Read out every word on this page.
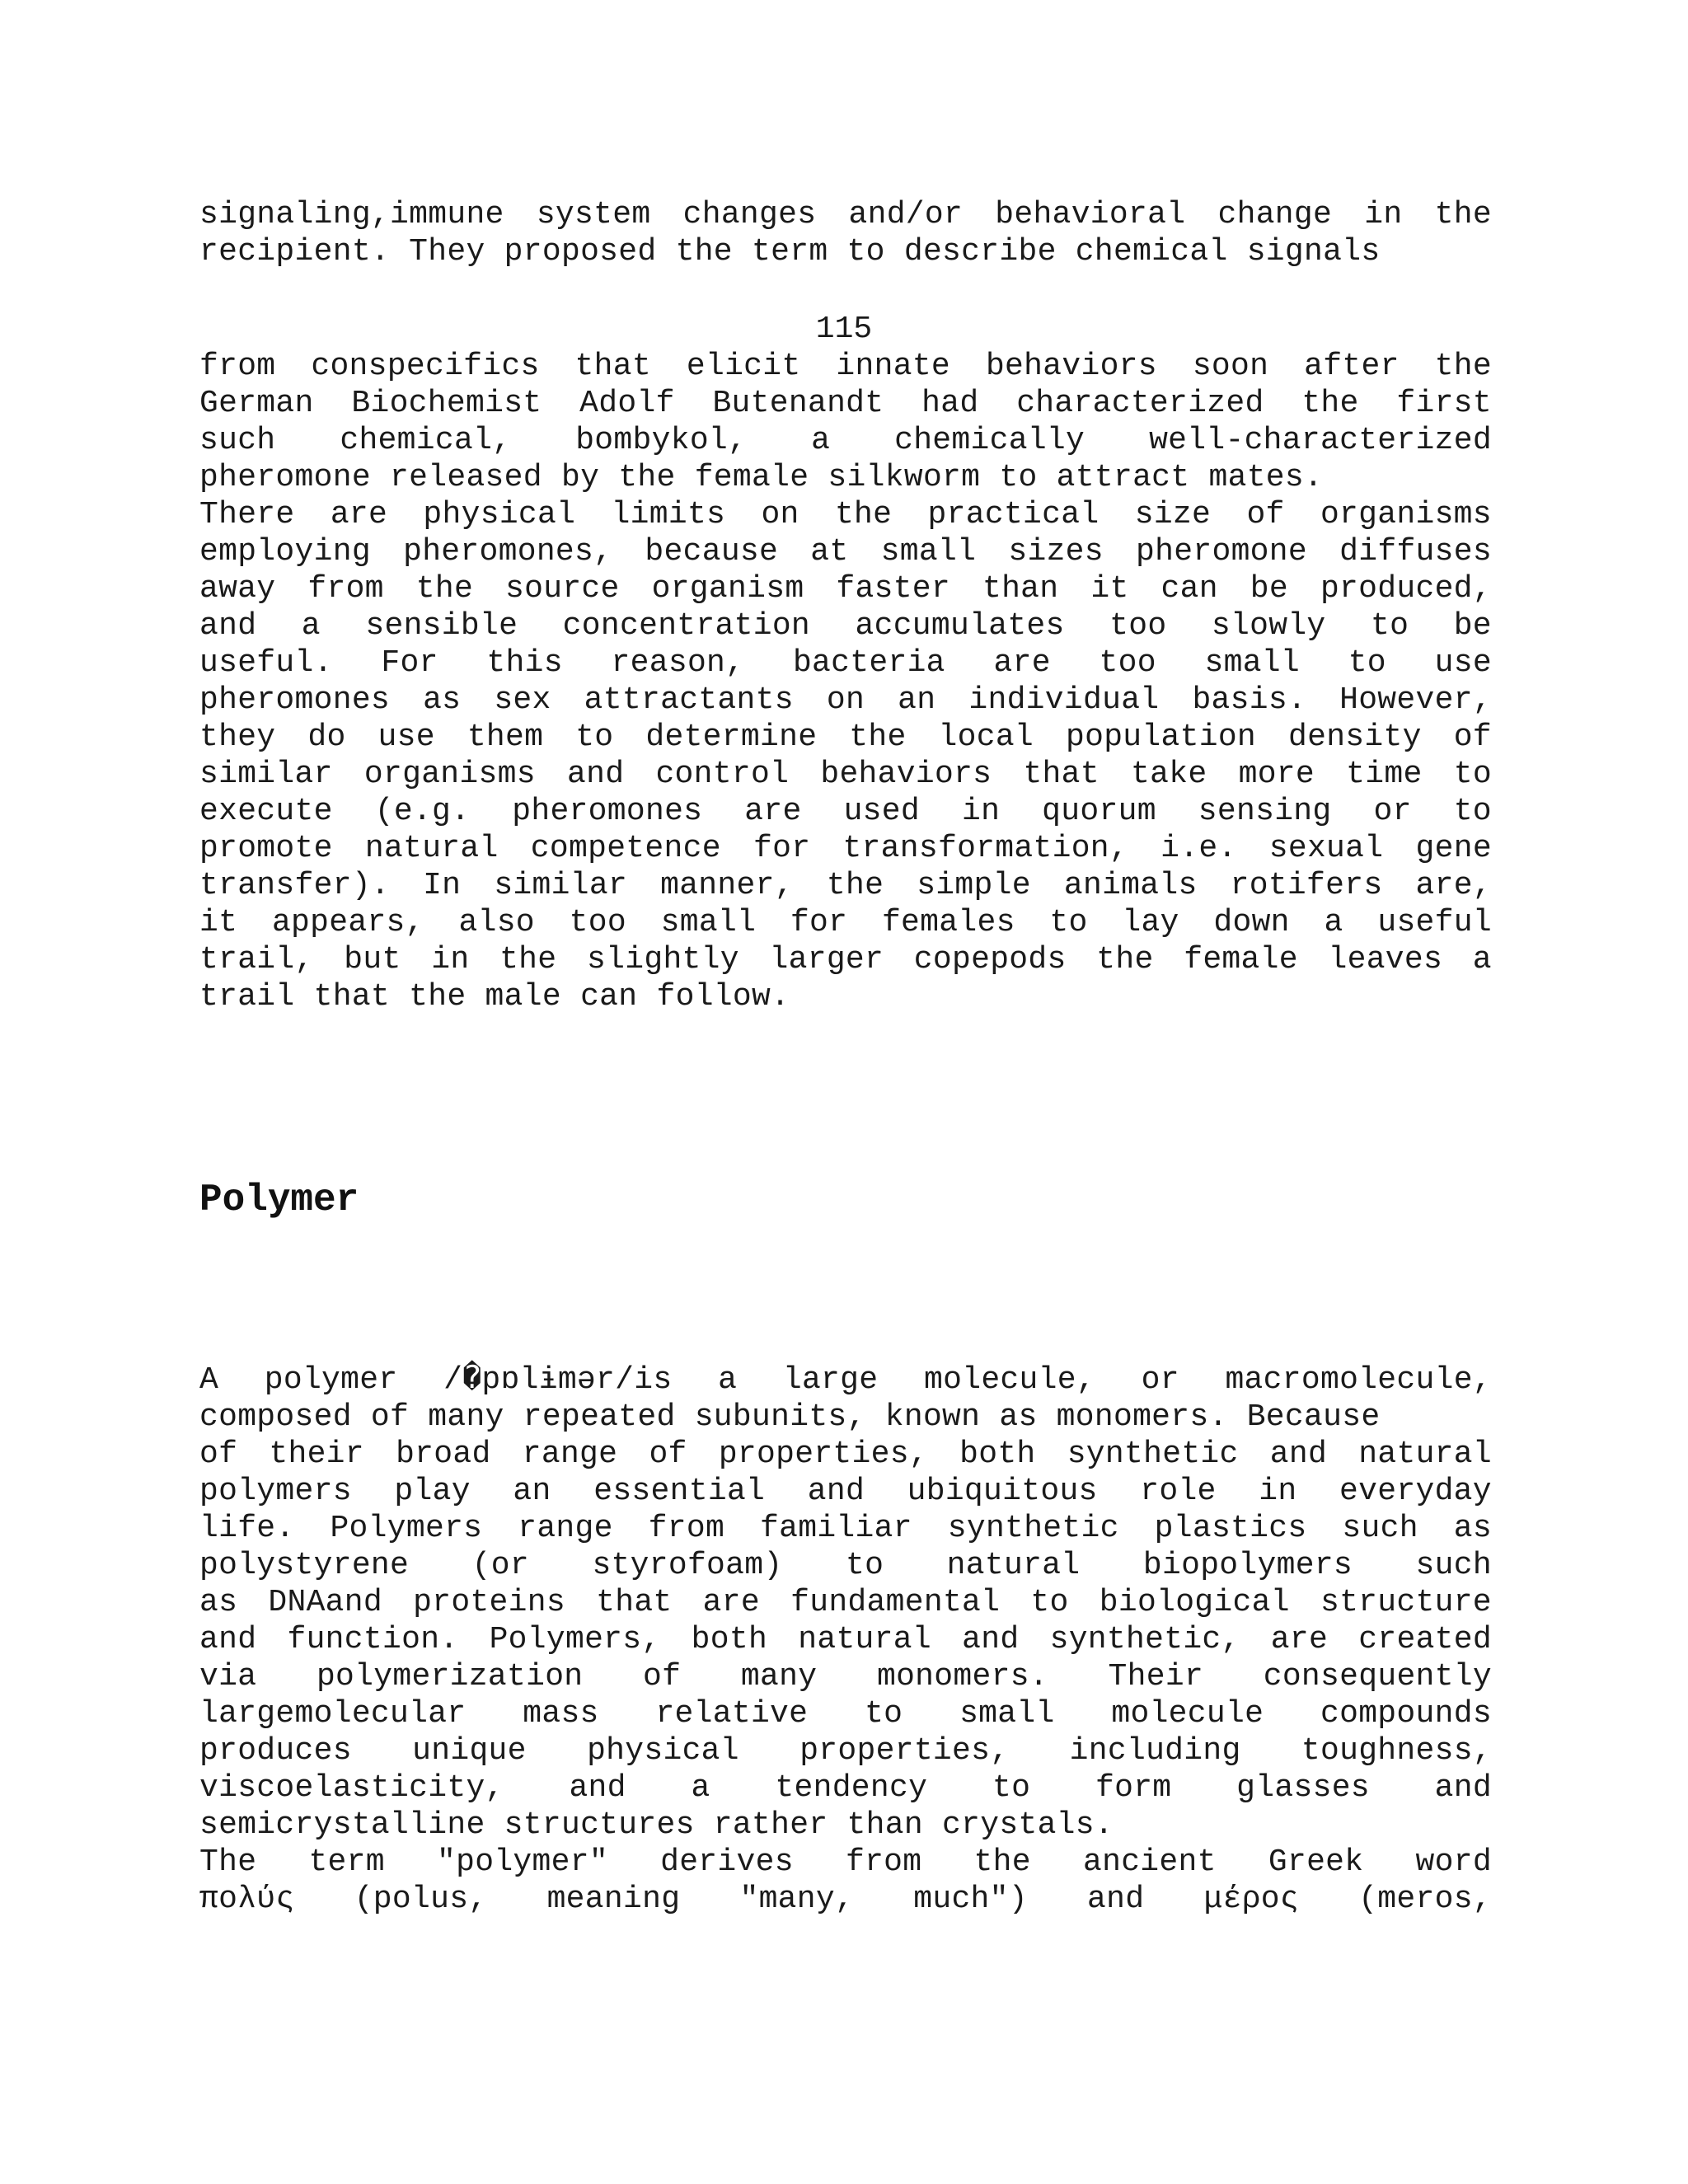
signaling,immune system changes and/or behavioral change in the
recipient. They proposed the term to describe chemical signals
115
from conspecifics that elicit innate behaviors soon after the
German Biochemist Adolf Butenandt had characterized the first
such chemical, bombykol, a chemically well-characterized
pheromone released by the female silkworm to attract mates.
There are physical limits on the practical size of organisms
employing pheromones, because at small sizes pheromone diffuses
away from the source organism faster than it can be produced,
and a sensible concentration accumulates too slowly to be
useful. For this reason, bacteria are too small to use
pheromones as sex attractants on an individual basis. However,
they do use them to determine the local population density of
similar organisms and control behaviors that take more time to
execute (e.g. pheromones are used in quorum sensing or to
promote natural competence for transformation, i.e. sexual gene
transfer). In similar manner, the simple animals rotifers are,
it appears, also too small for females to lay down a useful
trail, but in the slightly larger copepods the female leaves a
trail that the male can follow.
Polymer
A polymer /�pɒlɨmər/is a large molecule, or macromolecule,
composed of many repeated subunits, known as monomers. Because
of their broad range of properties, both synthetic and natural
polymers play an essential and ubiquitous role in everyday
life. Polymers range from familiar synthetic plastics such as
polystyrene (or styrofoam) to natural biopolymers such
as DNAand proteins that are fundamental to biological structure
and function. Polymers, both natural and synthetic, are created
via polymerization of many monomers. Their consequently
largemolecular mass relative to small molecule compounds
produces unique physical properties, including toughness,
viscoelasticity, and a tendency to form glasses and
semicrystalline structures rather than crystals.
The term "polymer" derives from the ancient Greek word
πολύς (polus, meaning "many, much") and μέρος (meros,
